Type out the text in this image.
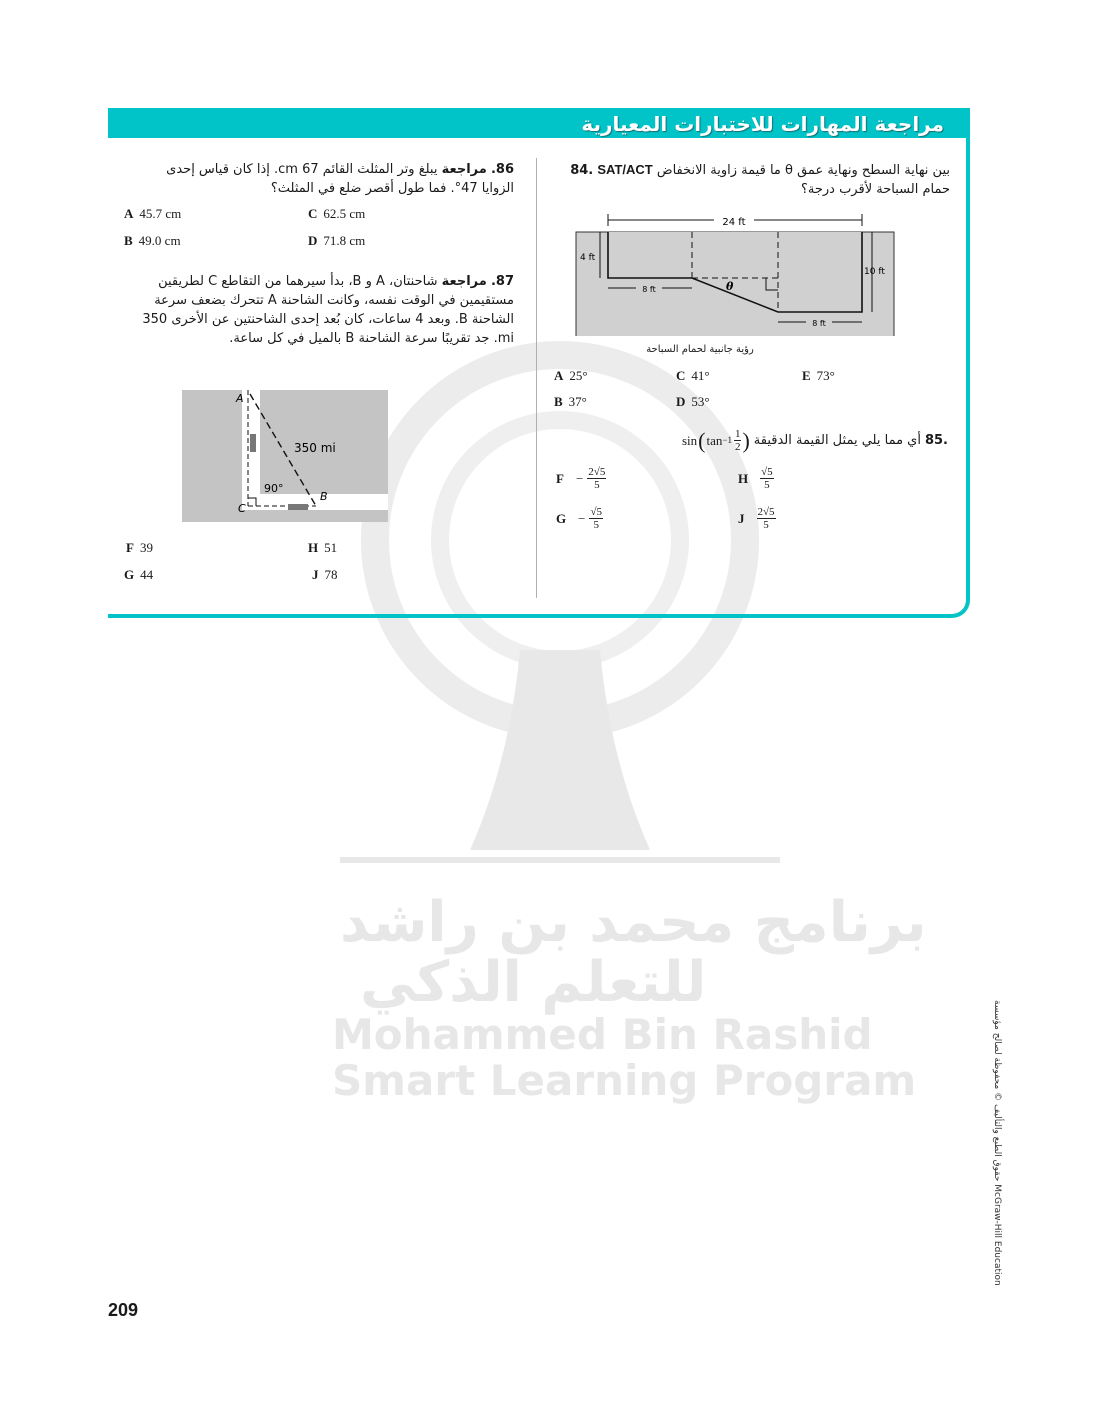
برنامج محمد بن راشد
للتعلم الذكي
Mohammed Bin Rashid
Smart Learning Program
مراجعة المهارات للاختبارات المعيارية
84. SAT/ACT ما قيمة زاوية الانخفاض θ بين نهاية السطح ونهاية عمق حمام السباحة لأقرب درجة؟
24 ft
4 ft
10 ft
8 ft
8 ft
θ
رؤية جانبية لحمام السباحة
A 25°
B 37°
C 41°
D 53°
E 73°
sin ( $\tan -1 \frac{1}{2}$ ) أي مما يلي يمثل القيمة الدقيقة 85.
$F - \frac{2√5}{5}$
$G - \frac{√5}{5}$
H $\frac{√5}{5}$
J $\frac{2√5}{5}$
86. مراجعة يبلغ وتر المثلث القائم 67 cm. إذا كان قياس إحدى الزوايا 47°. فما طول أقصر ضلع في المثلث؟
A 45.7 cm
B 49.0 cm
C 62.5 cm
D 71.8 cm
87. مراجعة شاحنتان، A و B، بدأ سيرهما من التقاطع C لطريقين مستقيمين في الوقت نفسه، وكانت الشاحنة A تتحرك بضعف سرعة الشاحنة B. وبعد 4 ساعات، كان بُعد إحدى الشاحنتين عن الأخرى 350 mi. جد تقريبًا سرعة الشاحنة B بالميل في كل ساعة.
A
B
C
350 mi
90°
F 39
G 44
H 51
J 78
209
حقوق الطبع والتأليف © محفوظة لصالح مؤسسة McGraw-Hill Education
